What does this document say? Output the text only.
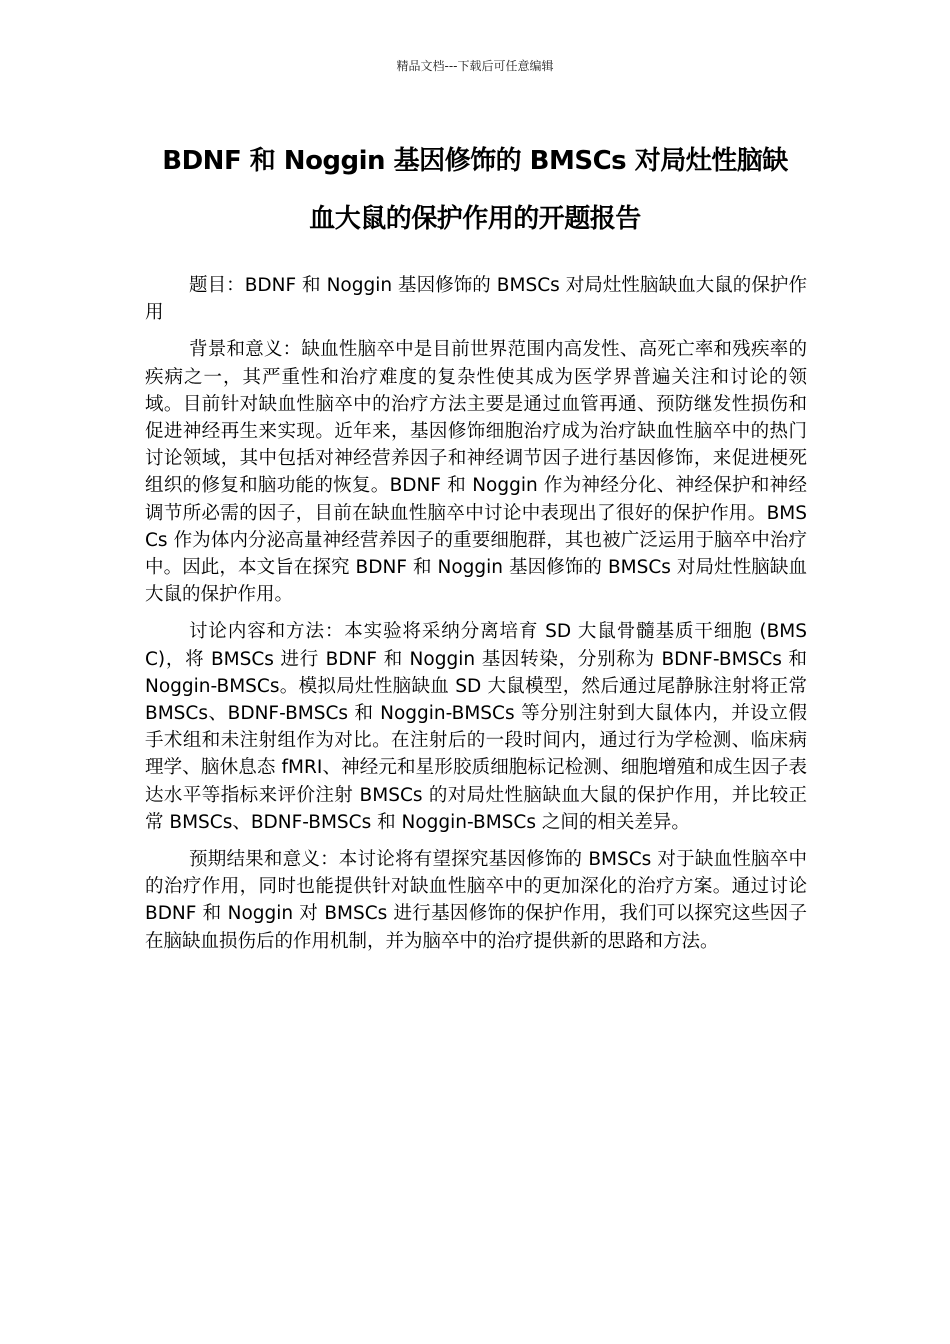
精品文档---下载后可任意编辑
BDNF 和 Noggin 基因修饰的 BMSCs 对局灶性脑缺
血大鼠的保护作用的开题报告

题目：BDNF 和 Noggin 基因修饰的 BMSCs 对局灶性脑缺血大鼠的保护作用

背景和意义：缺血性脑卒中是目前世界范围内高发性、高死亡率和残疾率的疾病之一，其严重性和治疗难度的复杂性使其成为医学界普遍关注和讨论的领域。目前针对缺血性脑卒中的治疗方法主要是通过血管再通、预防继发性损伤和促进神经再生来实现。近年来，基因修饰细胞治疗成为治疗缺血性脑卒中的热门讨论领域，其中包括对神经营养因子和神经调节因子进行基因修饰，来促进梗死组织的修复和脑功能的恢复。BDNF 和 Noggin 作为神经分化、神经保护和神经调节所必需的因子，目前在缺血性脑卒中讨论中表现出了很好的保护作用。BMSCs 作为体内分泌高量神经营养因子的重要细胞群，其也被广泛运用于脑卒中治疗中。因此，本文旨在探究 BDNF 和 Noggin 基因修饰的 BMSCs 对局灶性脑缺血大鼠的保护作用。

讨论内容和方法：本实验将采纳分离培育 SD 大鼠骨髓基质干细胞 (BMSC)，将 BMSCs 进行 BDNF 和 Noggin 基因转染，分别称为 BDNF-BMSCs 和 Noggin-BMSCs。模拟局灶性脑缺血 SD 大鼠模型，然后通过尾静脉注射将正常 BMSCs、BDNF-BMSCs 和 Noggin-BMSCs 等分别注射到大鼠体内，并设立假手术组和未注射组作为对比。在注射后的一段时间内，通过行为学检测、临床病理学、脑休息态 fMRI、神经元和星形胶质细胞标记检测、细胞增殖和成生因子表达水平等指标来评价注射 BMSCs 的对局灶性脑缺血大鼠的保护作用，并比较正常 BMSCs、BDNF-BMSCs 和 Noggin-BMSCs 之间的相关差异。

预期结果和意义：本讨论将有望探究基因修饰的 BMSCs 对于缺血性脑卒中的治疗作用，同时也能提供针对缺血性脑卒中的更加深化的治疗方案。通过讨论 BDNF 和 Noggin 对 BMSCs 进行基因修饰的保护作用，我们可以探究这些因子在脑缺血损伤后的作用机制，并为脑卒中的治疗提供新的思路和方法。
